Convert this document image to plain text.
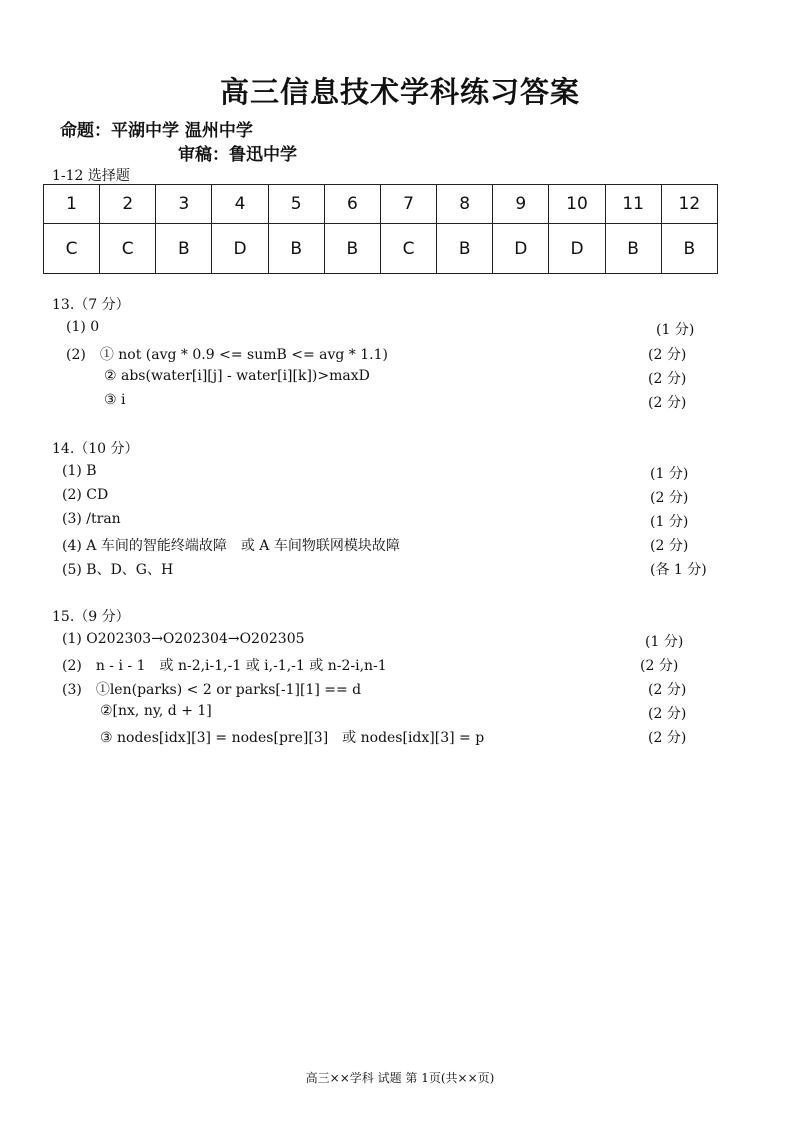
高三信息技术学科练习答案
命题：平湖中学 温州中学
审稿：鲁迅中学
1-12 选择题
1	2	3	4	5	6	7	8	9	10	11	12
C	C	B	D	B	B	C	B	D	D	B	B
13.（7 分）
(1) 0	(1 分)
(2)　① not (avg * 0.9 <= sumB <= avg * 1.1)	(2 分)
② abs(water[i][j] - water[i][k])>maxD	(2 分)
③ i	(2 分)
14.（10 分）
(1) B	(1 分)
(2) CD	(2 分)
(3) /tran	(1 分)
(4) A 车间的智能终端故障　或 A 车间物联网模块故障	(2 分)
(5) B、D、G、H	(各 1 分)
15.（9 分）
(1) O202303→O202304→O202305	(1 分)
(2)　n - i - 1　或 n-2,i-1,-1 或 i,-1,-1 或 n-2-i,n-1	(2 分)
(3)　①len(parks) < 2 or parks[-1][1] == d	(2 分)
②[nx, ny, d + 1]	(2 分)
③ nodes[idx][3] = nodes[pre][3]　或 nodes[idx][3] = p	(2 分)
高三××学科 试题 第 1页(共××页)
